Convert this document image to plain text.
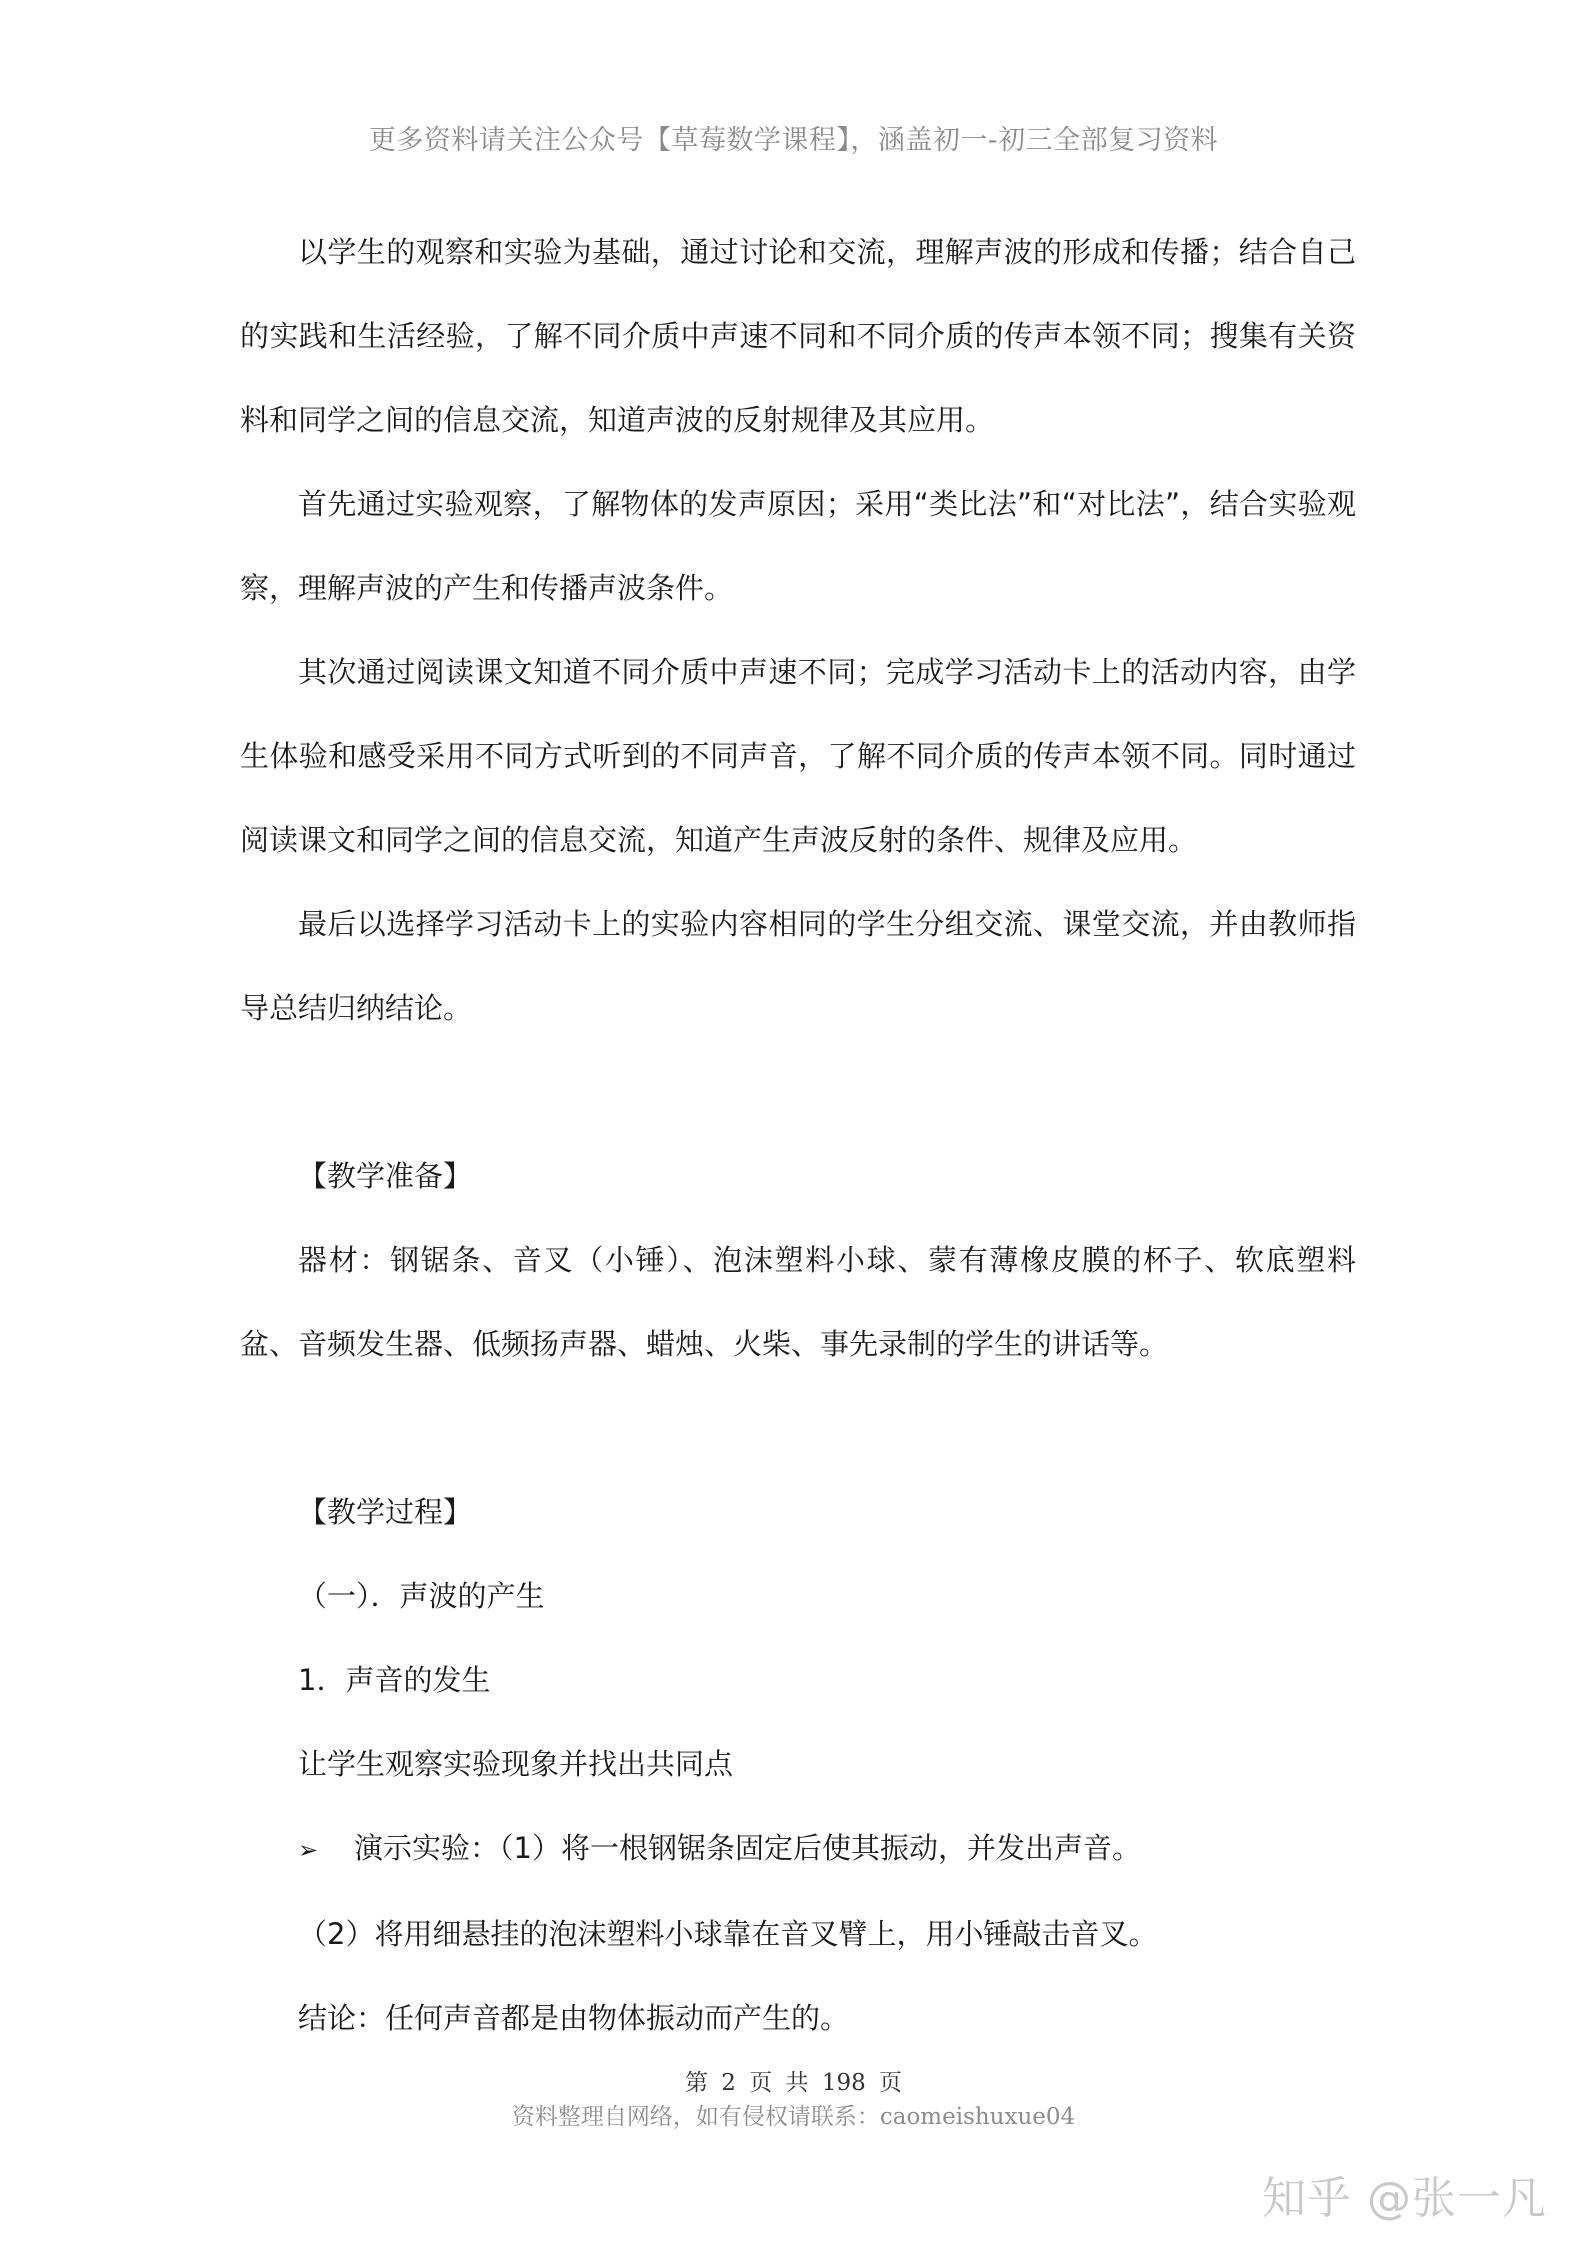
更多资料请关注公众号【草莓数学课程】，涵盖初一-初三全部复习资料

以学生的观察和实验为基础，通过讨论和交流，理解声波的形成和传播；结合自己的实践和生活经验，了解不同介质中声速不同和不同介质的传声本领不同；搜集有关资料和同学之间的信息交流，知道声波的反射规律及其应用。

首先通过实验观察，了解物体的发声原因；采用“类比法”和“对比法”，结合实验观察，理解声波的产生和传播声波条件。

其次通过阅读课文知道不同介质中声速不同；完成学习活动卡上的活动内容，由学生体验和感受采用不同方式听到的不同声音，了解不同介质的传声本领不同。同时通过阅读课文和同学之间的信息交流，知道产生声波反射的条件、规律及应用。

最后以选择学习活动卡上的实验内容相同的学生分组交流、课堂交流，并由教师指导总结归纳结论。

【教学准备】

器材：钢锯条、音叉（小锤）、泡沫塑料小球、蒙有薄橡皮膜的杯子、软底塑料盆、音频发生器、低频扬声器、蜡烛、火柴、事先录制的学生的讲话等。

【教学过程】

（一）．声波的产生

1．声音的发生

让学生观察实验现象并找出共同点

➢ 演示实验：（1）将一根钢锯条固定后使其振动，并发出声音。

（2）将用细悬挂的泡沫塑料小球靠在音叉臂上，用小锤敲击音叉。

结论：任何声音都是由物体振动而产生的。

第 2 页 共 198 页
资料整理自网络，如有侵权请联系：caomeishuxue04
知乎 @张一凡
